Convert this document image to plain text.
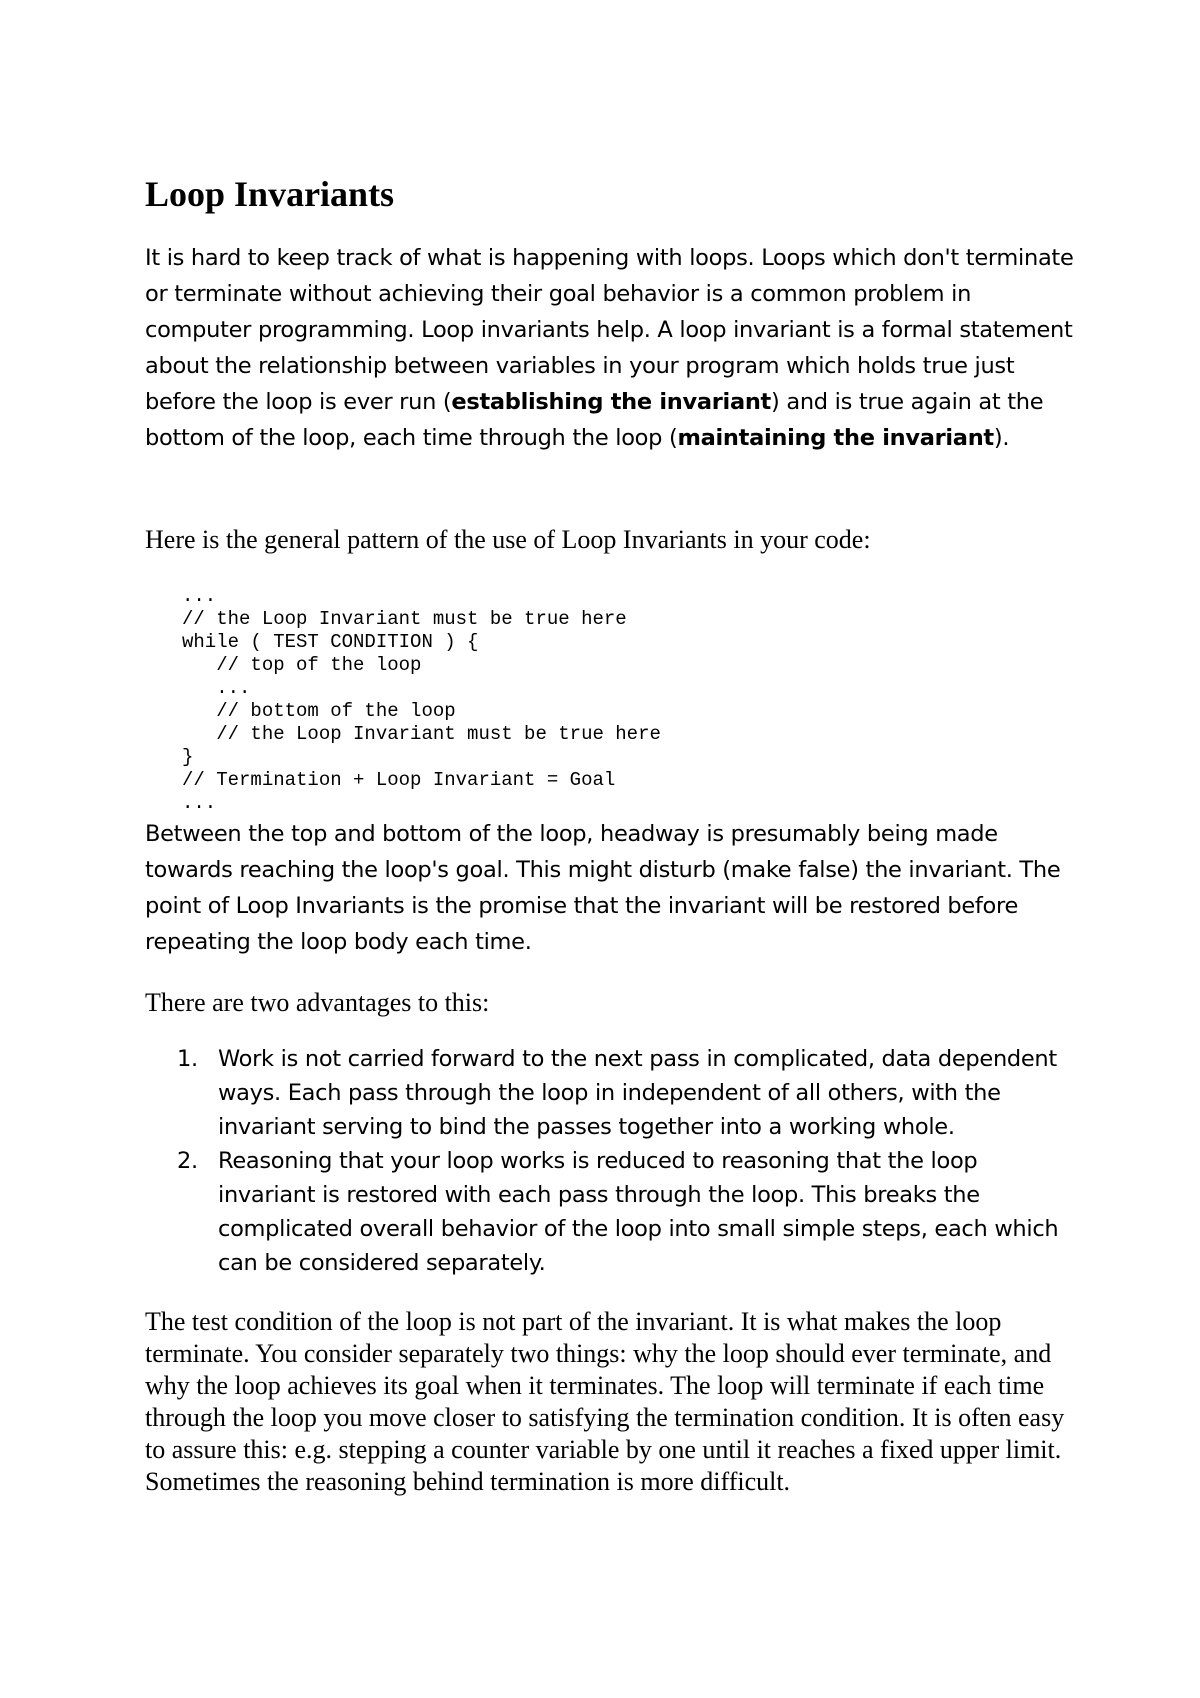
Loop Invariants

It is hard to keep track of what is happening with loops. Loops which don't terminate or terminate without achieving their goal behavior is a common problem in computer programming. Loop invariants help. A loop invariant is a formal statement about the relationship between variables in your program which holds true just before the loop is ever run (establishing the invariant) and is true again at the bottom of the loop, each time through the loop (maintaining the invariant).

Here is the general pattern of the use of Loop Invariants in your code:

...
// the Loop Invariant must be true here
while ( TEST CONDITION ) {
// top of the loop
...
// bottom of the loop
// the Loop Invariant must be true here
}
// Termination + Loop Invariant = Goal
...

Between the top and bottom of the loop, headway is presumably being made towards reaching the loop's goal. This might disturb (make false) the invariant. The point of Loop Invariants is the promise that the invariant will be restored before repeating the loop body each time.

There are two advantages to this:

1. Work is not carried forward to the next pass in complicated, data dependent ways. Each pass through the loop in independent of all others, with the invariant serving to bind the passes together into a working whole.
2. Reasoning that your loop works is reduced to reasoning that the loop invariant is restored with each pass through the loop. This breaks the complicated overall behavior of the loop into small simple steps, each which can be considered separately.

The test condition of the loop is not part of the invariant. It is what makes the loop terminate. You consider separately two things: why the loop should ever terminate, and why the loop achieves its goal when it terminates. The loop will terminate if each time through the loop you move closer to satisfying the termination condition. It is often easy to assure this: e.g. stepping a counter variable by one until it reaches a fixed upper limit. Sometimes the reasoning behind termination is more difficult.
